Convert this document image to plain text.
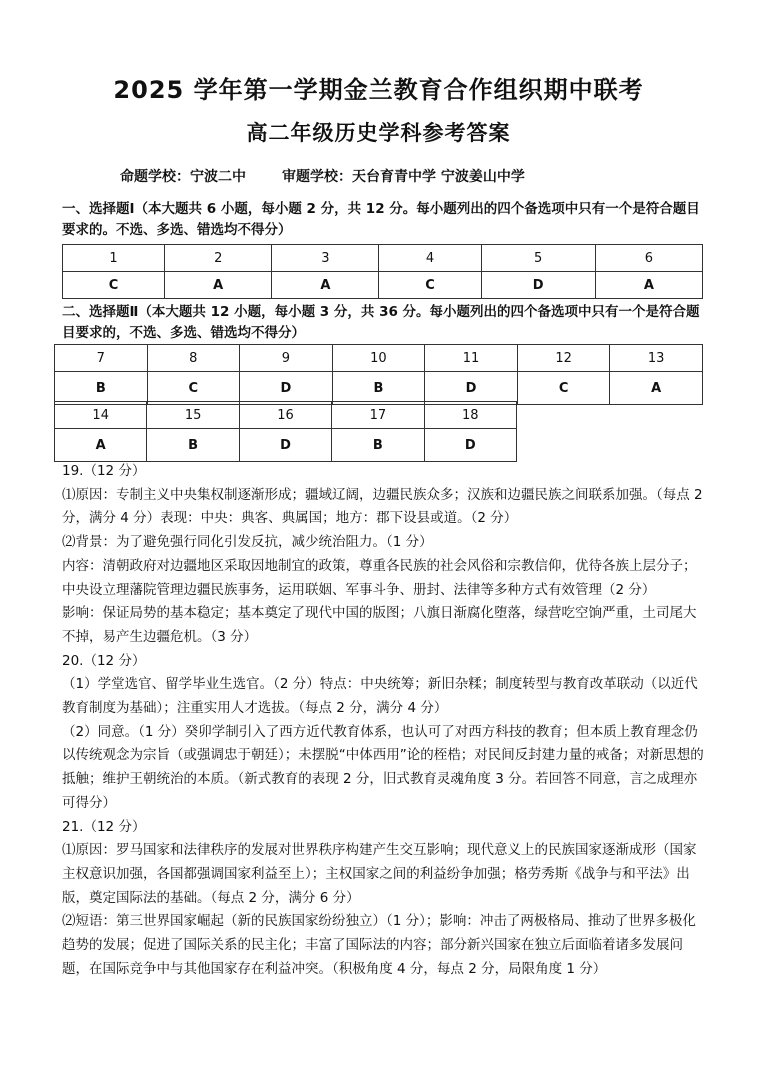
2025 学年第一学期金兰教育合作组织期中联考
高二年级历史学科参考答案
命题学校：宁波二中	审题学校：天台育青中学 宁波姜山中学
一、选择题Ⅰ（本大题共 6 小题，每小题 2 分，共 12 分。每小题列出的四个备选项中只有一个是符合题目要求的。不选、多选、错选均不得分）
1	2	3	4	5	6
C	A	A	C	D	A
二、选择题Ⅱ（本大题共 12 小题，每小题 3 分，共 36 分。每小题列出的四个备选项中只有一个是符合题目要求的，不选、多选、错选均不得分）
7	8	9	10	11	12	13
B	C	D	B	D	C	A
14	15	16	17	18
A	B	D	B	D

19.（12 分）

⑴原因：专制主义中央集权制逐渐形成；疆域辽阔，边疆民族众多；汉族和边疆民族之间联系加强。（每点 2 分，满分 4 分）表现：中央：典客、典属国；地方：郡下设县或道。（2 分）

⑵背景：为了避免强行同化引发反抗，减少统治阻力。（1 分）

内容：清朝政府对边疆地区采取因地制宜的政策，尊重各民族的社会风俗和宗教信仰，优待各族上层分子；中央设立理藩院管理边疆民族事务，运用联姻、军事斗争、册封、法律等多种方式有效管理（2 分）

影响：保证局势的基本稳定；基本奠定了现代中国的版图；八旗日渐腐化堕落，绿营吃空饷严重，土司尾大不掉，易产生边疆危机。（3 分）

20.（12 分）

（1）学堂选官、留学毕业生选官。（2 分）特点：中央统筹；新旧杂糅；制度转型与教育改革联动（以近代教育制度为基础）；注重实用人才选拔。（每点 2 分，满分 4 分）

（2）同意。（1 分）癸卯学制引入了西方近代教育体系，也认可了对西方科技的教育；但本质上教育理念仍以传统观念为宗旨（或强调忠于朝廷）；未摆脱“中体西用”论的桎梏；对民间反封建力量的戒备；对新思想的抵触；维护王朝统治的本质。（新式教育的表现 2 分，旧式教育灵魂角度 3 分。若回答不同意，言之成理亦可得分）

21.（12 分）

⑴原因：罗马国家和法律秩序的发展对世界秩序构建产生交互影响；现代意义上的民族国家逐渐成形（国家主权意识加强，各国都强调国家利益至上）；主权国家之间的利益纷争加强；格劳秀斯《战争与和平法》出版，奠定国际法的基础。（每点 2 分，满分 6 分）

⑵短语：第三世界国家崛起（新的民族国家纷纷独立）（1 分）；影响：冲击了两极格局、推动了世界多极化趋势的发展；促进了国际关系的民主化；丰富了国际法的内容；部分新兴国家在独立后面临着诸多发展问题，在国际竞争中与其他国家存在利益冲突。（积极角度 4 分，每点 2 分，局限角度 1 分）
